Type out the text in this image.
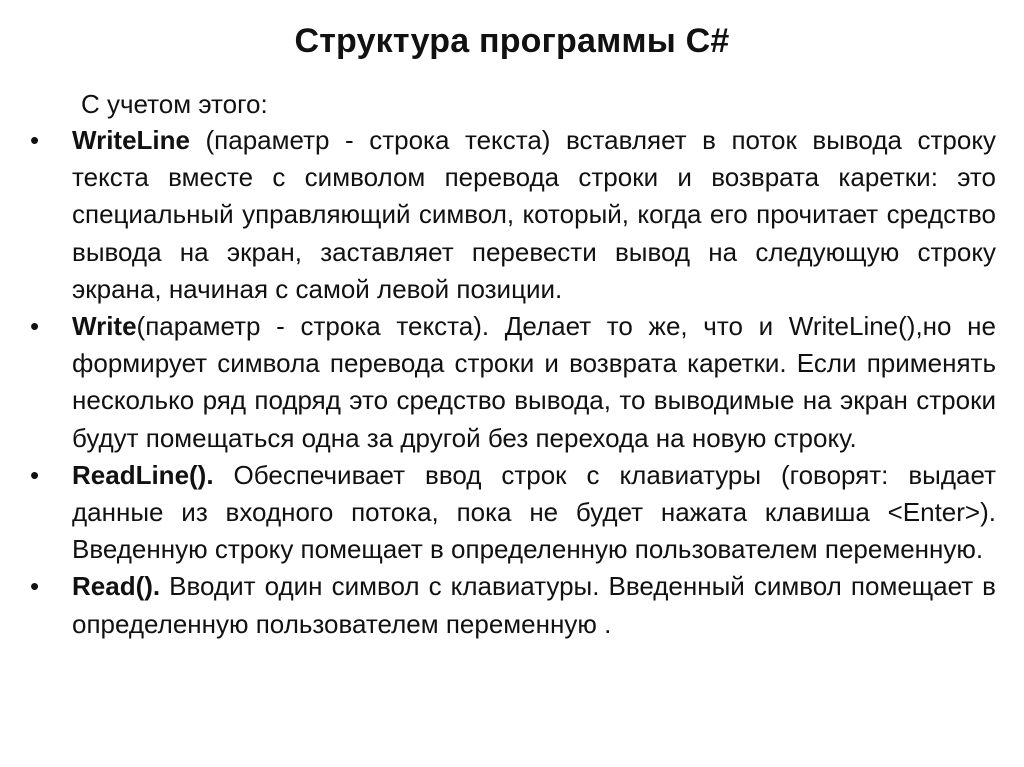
Структура программы C#
С учетом этого:
•	WriteLine (параметр - строка текста) вставляет в поток вывода строку текста вместе с символом перевода строки и возврата каретки: это специальный управляющий символ, который, когда его прочитает средство вывода на экран, заставляет перевести вывод на следующую строку экрана, начиная с самой левой позиции.
•	Write(параметр - строка текста). Делает то же, что и WriteLine(),но не формирует символа перевода строки и возврата каретки. Если применять несколько ряд подряд это средство вывода, то выводимые на экран строки будут помещаться одна за другой без перехода на новую строку.
•	ReadLine(). Обеспечивает ввод строк с клавиатуры (говорят: выдает данные из входного потока, пока не будет нажата клавиша <Enter>). Введенную строку помещает в определенную пользователем переменную.
•	Read(). Вводит один символ с клавиатуры. Введенный символ помещает в определенную пользователем переменную .
